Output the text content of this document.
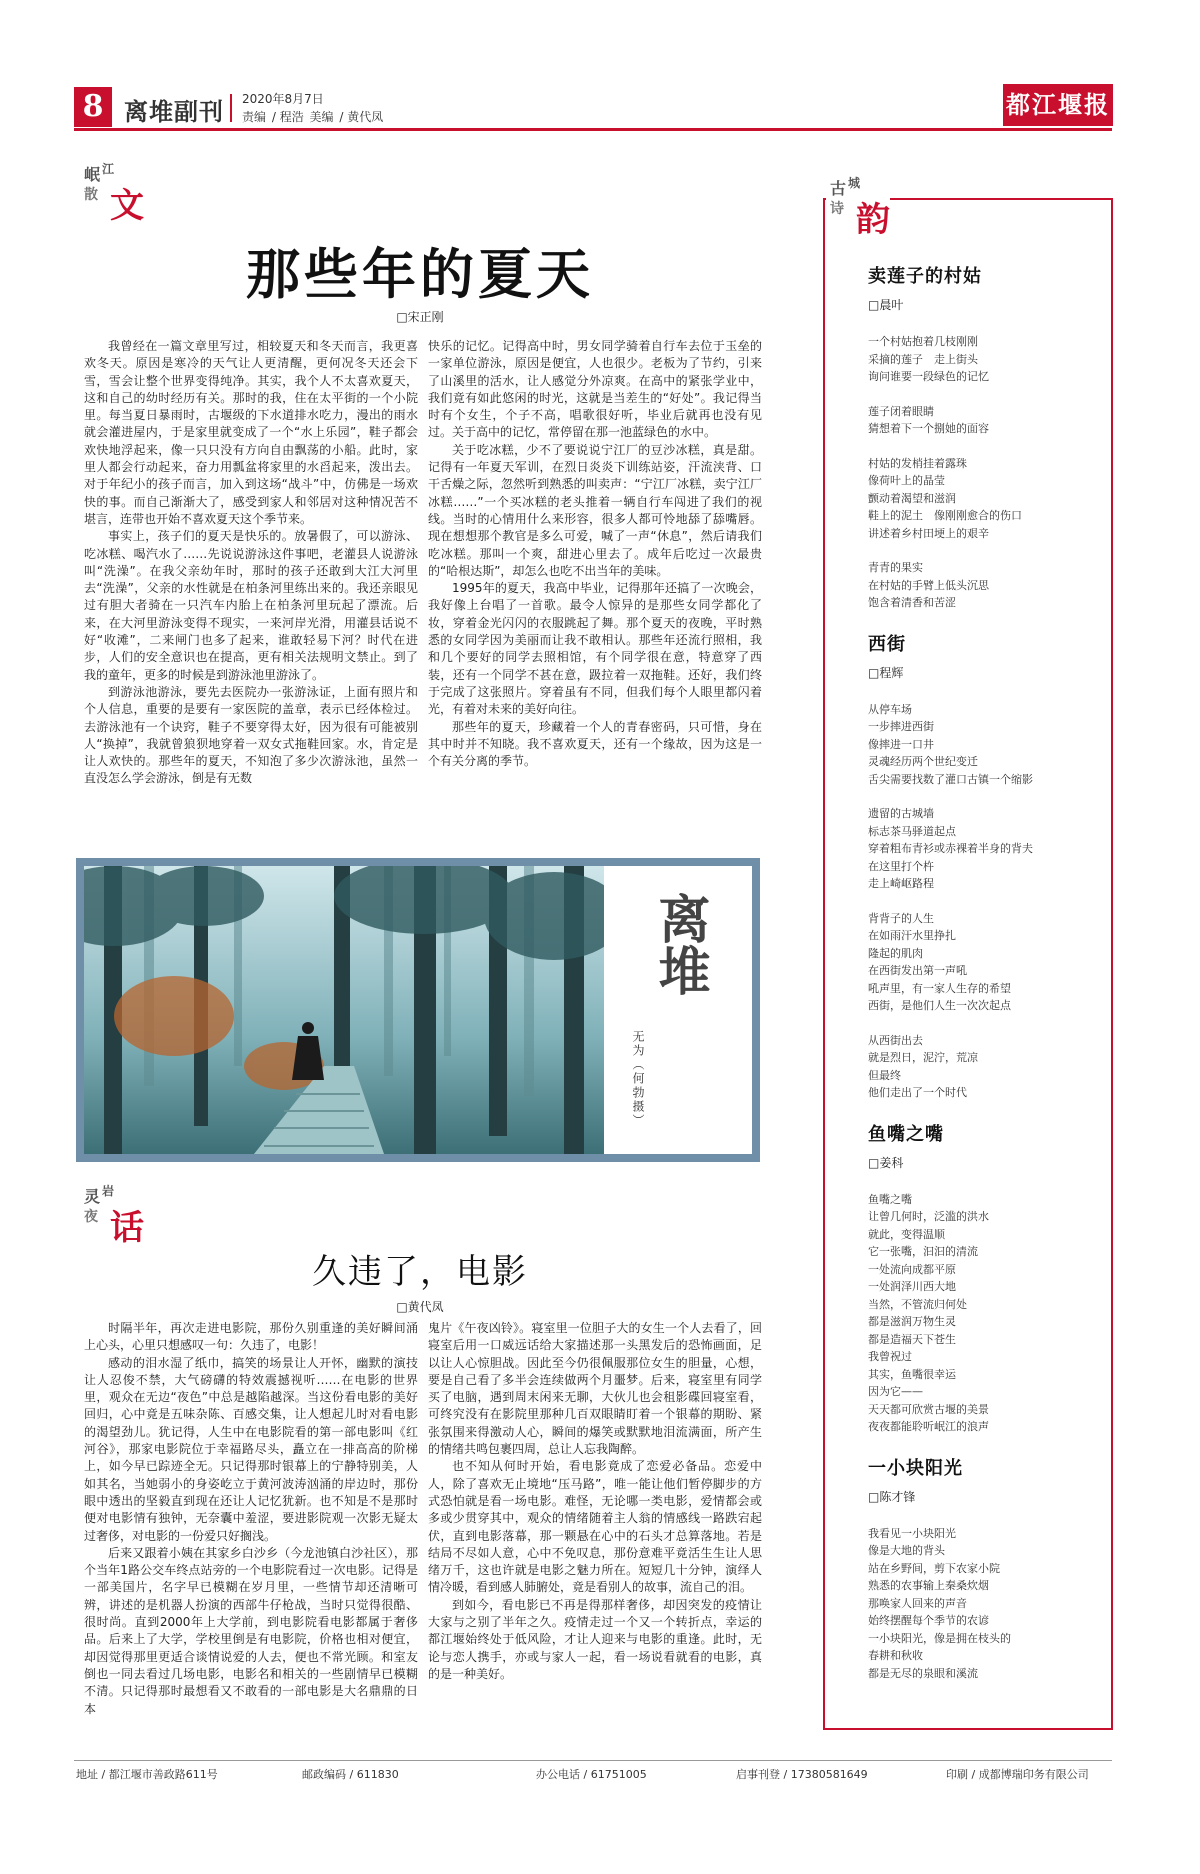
8 离堆副刊 2020年8月7日
责编 / 程浩 美编 / 黄代凤	都江堰报
岷 江
散 文
那些年的夏天
□宋正刚

我曾经在一篇文章里写过，相较夏天和冬天而言，我更喜欢冬天。原因是寒冷的天气让人更清醒，更何况冬天还会下雪，雪会让整个世界变得纯净。其实，我个人不太喜欢夏天，这和自己的幼时经历有关。那时的我，住在太平街的一个小院里。每当夏日暴雨时，古堰级的下水道排水吃力，漫出的雨水就会灌进屋内，于是家里就变成了一个“水上乐园”，鞋子都会欢快地浮起来，像一只只没有方向自由飘荡的小船。此时，家里人都会行动起来，奋力用瓢盆将家里的水舀起来，泼出去。对于年纪小的孩子而言，加入到这场“战斗”中，仿佛是一场欢快的事。而自己渐渐大了，感受到家人和邻居对这种情况苦不堪言，连带也开始不喜欢夏天这个季节来。

事实上，孩子们的夏天是快乐的。放暑假了，可以游泳、吃冰糕、喝汽水了……先说说游泳这件事吧，老灌县人说游泳叫“洗澡”。在我父亲幼年时，那时的孩子还敢到大江大河里去“洗澡”，父亲的水性就是在柏条河里练出来的。我还亲眼见过有胆大者骑在一只汽车内胎上在柏条河里玩起了漂流。后来，在大河里游泳变得不现实，一来河岸光滑，用灌县话说不好“收滩”，二来闸门也多了起来，谁敢轻易下河？时代在进步，人们的安全意识也在提高，更有相关法规明文禁止。到了我的童年，更多的时候是到游泳池里游泳了。

到游泳池游泳，要先去医院办一张游泳证，上面有照片和个人信息，重要的是要有一家医院的盖章，表示已经体检过。去游泳池有一个诀窍，鞋子不要穿得太好，因为很有可能被别人“换掉”，我就曾狼狈地穿着一双女式拖鞋回家。水，肯定是让人欢快的。那些年的夏天，不知泡了多少次游泳池，虽然一直没怎么学会游泳，倒是有无数

快乐的记忆。记得高中时，男女同学骑着自行车去位于玉垒的一家单位游泳，原因是便宜，人也很少。老板为了节约，引来了山溪里的活水，让人感觉分外凉爽。在高中的紧张学业中，我们竟有如此悠闲的时光，这就是当差生的“好处”。我记得当时有个女生，个子不高，唱歌很好听，毕业后就再也没有见过。关于高中的记忆，常停留在那一池蓝绿色的水中。

关于吃冰糕，少不了要说说宁江厂的豆沙冰糕，真是甜。记得有一年夏天军训，在烈日炎炎下训练站姿，汗流浃背、口干舌燥之际，忽然听到熟悉的叫卖声：“宁江厂冰糕，卖宁江厂冰糕……”一个买冰糕的老头推着一辆自行车闯进了我们的视线。当时的心情用什么来形容，很多人都可怜地舔了舔嘴唇。现在想想那个教官是多么可爱，喊了一声“休息”，然后请我们吃冰糕。那叫一个爽，甜进心里去了。成年后吃过一次最贵的“哈根达斯”，却怎么也吃不出当年的美味。

1995年的夏天，我高中毕业，记得那年还搞了一次晚会，我好像上台唱了一首歌。最令人惊异的是那些女同学都化了妆，穿着金光闪闪的衣服跳起了舞。那个夏天的夜晚，平时熟悉的女同学因为美丽而让我不敢相认。那些年还流行照相，我和几个要好的同学去照相馆，有个同学很在意，特意穿了西装，还有一个同学不甚在意，趿拉着一双拖鞋。还好，我们终于完成了这张照片。穿着虽有不同，但我们每个人眼里都闪着光，有着对未来的美好向往。

那些年的夏天，珍藏着一个人的青春密码，只可惜，身在其中时并不知晓。我不喜欢夏天，还有一个缘故，因为这是一个有关分离的季节。

离堆
无为（何勃摄）
灵 岩
夜 话
久违了，电影
□黄代凤

时隔半年，再次走进电影院，那份久别重逢的美好瞬间涌上心头，心里只想感叹一句：久违了，电影！

感动的泪水湿了纸巾，搞笑的场景让人开怀，幽默的演技让人忍俊不禁，大气磅礴的特效震撼视听……在电影的世界里，观众在无边“夜色”中总是越陷越深。当这份看电影的美好回归，心中竟是五味杂陈、百感交集，让人想起儿时对看电影的渴望劲儿。犹记得，人生中在电影院看的第一部电影叫《红河谷》，那家电影院位于幸福路尽头，矗立在一排高高的阶梯上，如今早已踪迹全无。只记得那时银幕上的宁静特别美，人如其名，当她弱小的身姿屹立于黄河波涛汹涌的岸边时，那份眼中透出的坚毅直到现在还让人记忆犹新。也不知是不是那时便对电影情有独钟，无奈囊中羞涩，要进影院观一次影无疑太过奢侈，对电影的一份爱只好搁浅。

后来又跟着小姨在其家乡白沙乡（今龙池镇白沙社区），那个当年1路公交车终点站旁的一个电影院看过一次电影。记得是一部美国片，名字早已模糊在岁月里，一些情节却还清晰可辨，讲述的是机器人扮演的西部牛仔枪战，当时只觉得很酷、很时尚。直到2000年上大学前，到电影院看电影都属于奢侈品。后来上了大学，学校里倒是有电影院，价格也相对便宜，却因觉得那里更适合谈情说爱的人去，便也不常光顾。和室友倒也一同去看过几场电影，电影名和相关的一些剧情早已模糊不清。只记得那时最想看又不敢看的一部电影是大名鼎鼎的日本

鬼片《午夜凶铃》。寝室里一位胆子大的女生一个人去看了，回寝室后用一口威远话给大家描述那一头黑发后的恐怖画面，足以让人心惊胆战。因此至今仍很佩服那位女生的胆量，心想，要是自己看了多半会连续做两个月噩梦。后来，寝室里有同学买了电脑，遇到周末闲来无聊，大伙儿也会租影碟回寝室看，可终究没有在影院里那种几百双眼睛盯着一个银幕的期盼、紧张氛围来得激动人心，瞬间的爆笑或默默地泪流满面，所产生的情绪共鸣包裹四周，总让人忘我陶醉。

也不知从何时开始，看电影竟成了恋爱必备品。恋爱中人，除了喜欢无止境地“压马路”，唯一能让他们暂停脚步的方式恐怕就是看一场电影。难怪，无论哪一类电影，爱情都会或多或少贯穿其中，观众的情绪随着主人翁的情感线一路跌宕起伏，直到电影落幕，那一颗悬在心中的石头才总算落地。若是结局不尽如人意，心中不免叹息，那份意难平竟活生生让人思绪万千，这也许就是电影之魅力所在。短短几十分钟，演绎人情冷暖，看到感人肺腑处，竟是看别人的故事，流自己的泪。

到如今，看电影已不再是得那样奢侈，却因突发的疫情让大家与之别了半年之久。疫情走过一个又一个转折点，幸运的都江堰始终处于低风险，才让人迎来与电影的重逢。此时，无论与恋人携手，亦或与家人一起，看一场说看就看的电影，真的是一种美好。

古 城
诗 韵
卖莲子的村姑
□晨叶
一个村姑抱着几枝刚刚
采摘的莲子　走上街头
询问谁要一段绿色的记忆
莲子闭着眼睛
猜想着下一个捌她的面容
村姑的发梢挂着露珠
像荷叶上的晶莹
颤动着渴望和滋润
鞋上的泥土　像刚刚愈合的伤口
讲述着乡村田埂上的艰辛
青青的果实
在村姑的手臂上低头沉思
饱含着清香和苦涩
西街
□程辉
从停车场
一步摔进西街
像摔进一口井
灵魂经历两个世纪变迁
舌尖需要找数了灌口古镇一个缩影
遗留的古城墙
标志茶马驿道起点
穿着粗布青衫或赤裸着半身的背夫
在这里打个杵
走上崎岖路程
背背子的人生
在如雨汗水里挣扎
隆起的肌肉
在西街发出第一声吼
吼声里，有一家人生存的希望
西街，是他们人生一次次起点
从西街出去
就是烈日，泥泞，荒凉
但最终
他们走出了一个时代
鱼嘴之嘴
□姜科
鱼嘴之嘴
让曾几何时，泛滥的洪水
就此，变得温顺
它一张嘴，汩汩的清流
一处流向成都平原
一处润泽川西大地
当然，不管流归何处
都是滋润万物生灵
都是造福天下苍生
我曾祝过
其实，鱼嘴很幸运
因为它——
天天都可欣赏古堰的美景
夜夜都能聆听岷江的浪声
一小块阳光
□陈才锋
我看见一小块阳光
像是大地的背头
站在乡野间，剪下农家小院
熟悉的农事输上秦桑炊烟
那唤家人回来的声音
始终摆醒每个季节的农谚
一小块阳光，像是拥在枝头的
春耕和秋收
都是无尽的泉眼和溪流
地址 / 都江堰市善政路611号	邮政编码 / 611830	办公电话 / 61751005	启事刊登 / 17380581649	印刷 / 成都博瑞印务有限公司
